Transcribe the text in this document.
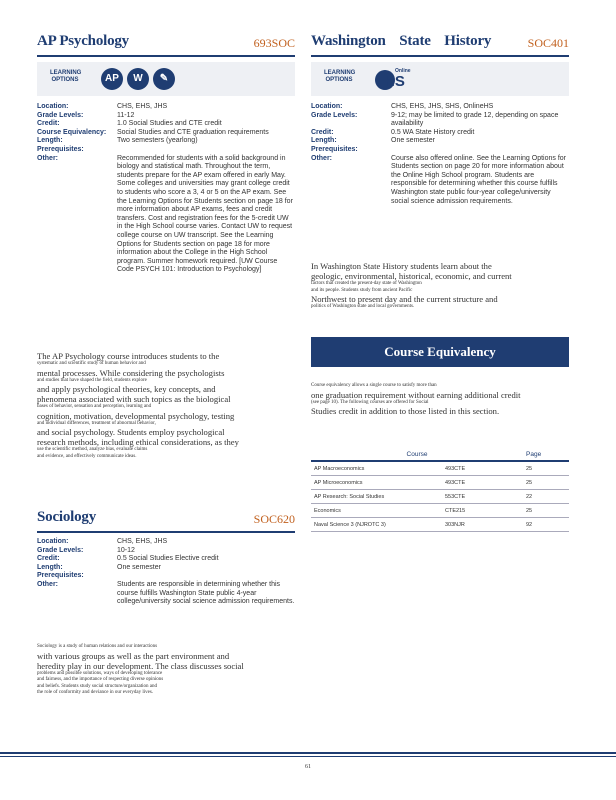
AP Psychology	693SOC
LEARNING OPTIONS	AP	W	✎
Location:	CHS, EHS, JHS
Grade Levels:	11-12
Credit:	1.0 Social Studies and CTE credit
Course Equivalency:	Social Studies and CTE graduation requirements
Length:	Two semesters (yearlong)
Prerequisites:
Other:	Recommended for students with a solid background in biology and statistical math. Throughout the term, students prepare for the AP exam offered in early May. Some colleges and universities may grant college credit to students who score a 3, 4 or 5 on the AP exam. See the Learning Options for Students section on page 18 for more information about AP exams, fees and credit transfers. Cost and registration fees for the 5-credit UW in the High School course varies. Contact UW to request college course on UW transcript. See the Learning Options for Students section on page 18 for more information about the College in the High School program. Summer homework required. [UW Course Code PSYCH 101: Introduction to Psychology]
The AP Psychology course introduces students to the
systematic and scientific study of human behavior and
mental processes. While considering the psychologists
and studies that have shaped the field, students explore
and apply psychological theories, key concepts, and
phenomena associated with such topics as the biological
bases of behavior, sensation and perception, learning and
cognition, motivation, developmental psychology, testing
and individual differences, treatment of abnormal behavior,
and social psychology. Students employ psychological
research methods, including ethical considerations, as they
use the scientific method, analyze bias, evaluate claims
and evidence, and effectively communicate ideas.
Sociology	SOC620
Location:	CHS, EHS, JHS
Grade Levels:	10-12
Credit:	0.5 Social Studies Elective credit
Length:	One semester
Prerequisites:
Other:	Students are responsible in determining whether this course fulfills Washington State public 4-year college/university social science admission requirements.
Sociology is a study of human relations and our interactions
with various groups as well as the part environment and
heredity play in our development. The class discusses social
problems and possible solutions, ways of developing tolerance
and fairness, and the importance of respecting diverse opinions
and beliefs. Students study social structure/organization and
the role of conformity and deviance in our everyday lives.
Washington State History	SOC401
LEARNING OPTIONS
Online
HS
Location:	CHS, EHS, JHS, SHS, OnlineHS
Grade Levels:	9-12; may be limited to grade 12, depending on space availability
Credit:	0.5 WA State History credit
Length:	One semester
Prerequisites:
Other:	Course also offered online. See the Learning Options for Students section on page 20 for more information about the Online High School program. Students are responsible for determining whether this course fulfills Washington state public four-year college/university social science admission requirements.
In Washington State History students learn about the
geologic, environmental, historical, economic, and current
factors that created the present-day state of Washington
and its people. Students study from ancient Pacific
Northwest to present day and the current structure and
politics of Washington state and local governments.
Course Equivalency
Course equivalency allows a single course to satisfy more than
one graduation requirement without earning additional credit
(see page 10). The following courses are offered for Social
Studies credit in addition to those listed in this section.
Course		Page
AP Macroeconomics	493CTE	25
AP Microeconomics	493CTE	25
AP Research: Social Studies	553CTE	22
Economics	CTE215	25
Naval Science 3 (NJROTC 3)	303NJR	92
61
